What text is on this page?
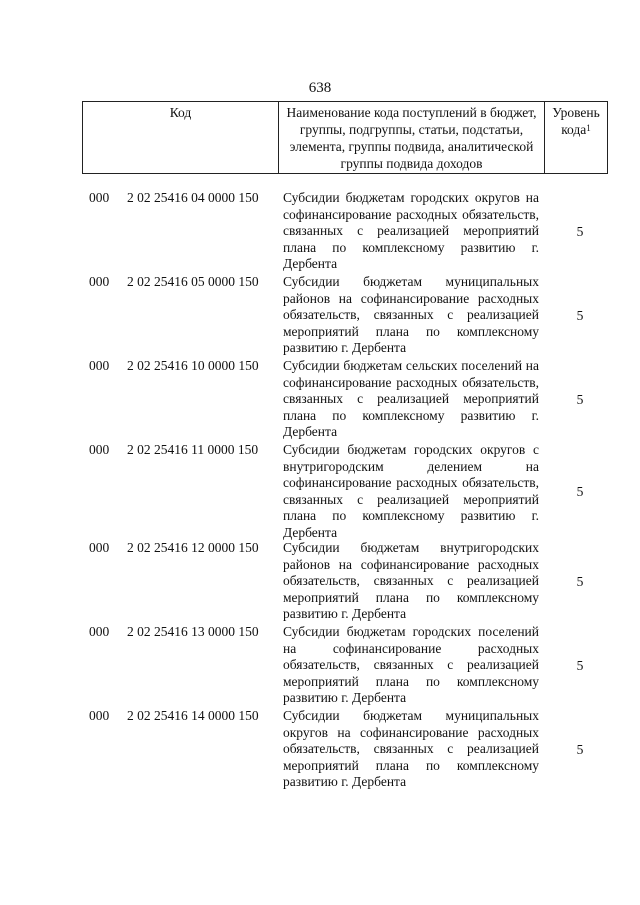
638
Код	Наименование кода поступлений в бюджет, группы, подгруппы, статьи, подстатьи, элемента, группы подвида, аналитической группы подвида доходов
Уровень кода$^1$
000 2 02 25416 04 0000 150 Субсидии бюджетам городских округов на софинансирование расходных обязательств, связанных с реализацией мероприятий плана по комплексному развитию г. Дербента
5
000 2 02 25416 05 0000 150 Субсидии бюджетам муниципальных районов на софинансирование расходных обязательств, связанных с реализацией мероприятий плана по комплексному развитию г. Дербента
5
000 2 02 25416 10 0000 150 Субсидии бюджетам сельских поселений на софинансирование расходных обязательств, связанных с реализацией мероприятий плана по комплексному развитию г. Дербента
5
000 2 02 25416 11 0000 150 Субсидии бюджетам городских округов с внутригородским делением на софинансирование расходных обязательств, связанных с реализацией мероприятий плана по комплексному развитию г. Дербента
5
000 2 02 25416 12 0000 150 Субсидии бюджетам внутригородских районов на софинансирование расходных обязательств, связанных с реализацией мероприятий плана по комплексному развитию г. Дербента
5
000 2 02 25416 13 0000 150 Субсидии бюджетам городских поселений на софинансирование расходных обязательств, связанных с реализацией мероприятий плана по комплексному развитию г. Дербента
5
000 2 02 25416 14 0000 150 Субсидии бюджетам муниципальных округов на софинансирование расходных обязательств, связанных с реализацией мероприятий плана по комплексному развитию г. Дербента
5
